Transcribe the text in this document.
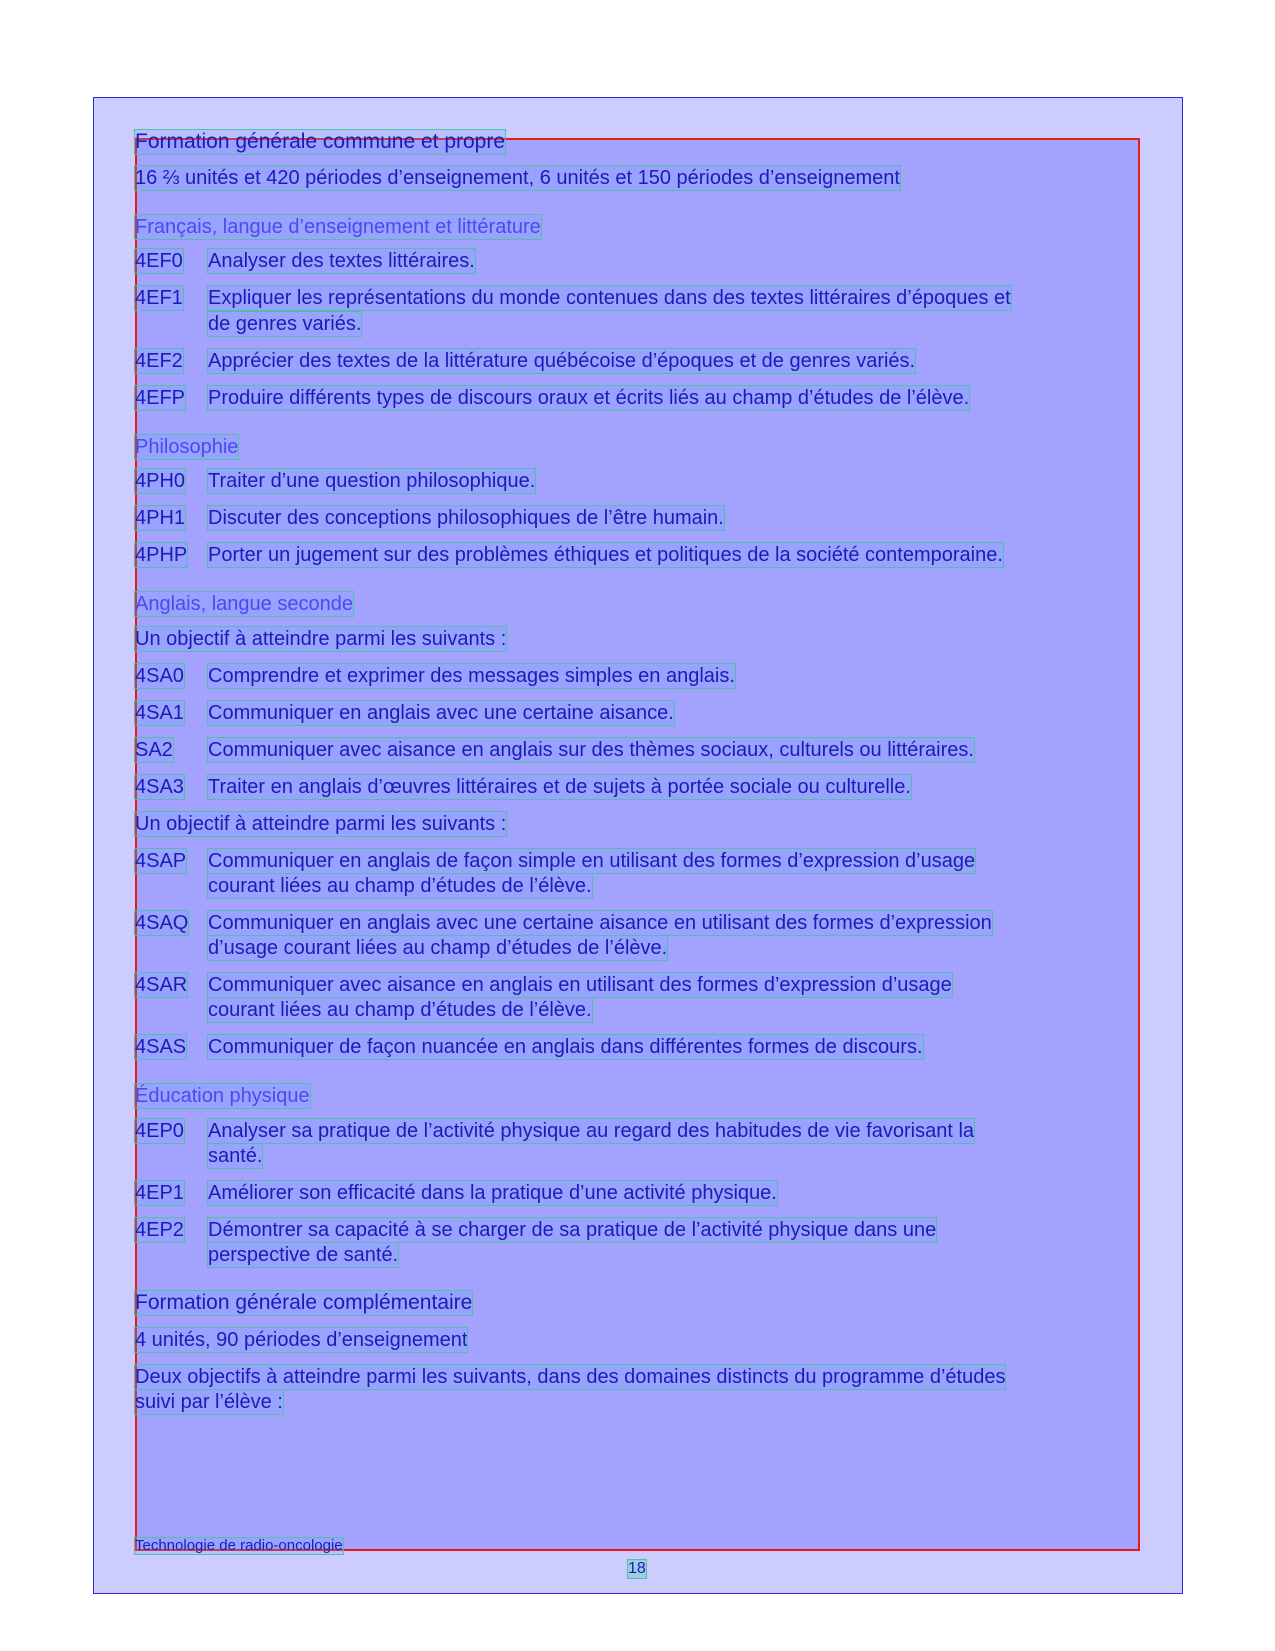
Formation générale commune et propre
16 ⅔ unités et 420 périodes d’enseignement, 6 unités et 150 périodes d’enseignement
Français, langue d’enseignement et littérature
4EF0 Analyser des textes littéraires.
4EF1 Expliquer les représentations du monde contenues dans des textes littéraires d’époques et
de genres variés.
4EF2 Apprécier des textes de la littérature québécoise d’époques et de genres variés.
4EFP Produire différents types de discours oraux et écrits liés au champ d’études de l’élève.
Philosophie
4PH0 Traiter d’une question philosophique.
4PH1 Discuter des conceptions philosophiques de l’être humain.
4PHP Porter un jugement sur des problèmes éthiques et politiques de la société contemporaine.
Anglais, langue seconde
Un objectif à atteindre parmi les suivants :
4SA0 Comprendre et exprimer des messages simples en anglais.
4SA1 Communiquer en anglais avec une certaine aisance.
SA2 Communiquer avec aisance en anglais sur des thèmes sociaux, culturels ou littéraires.
4SA3 Traiter en anglais d’œuvres littéraires et de sujets à portée sociale ou culturelle.
Un objectif à atteindre parmi les suivants :
4SAP Communiquer en anglais de façon simple en utilisant des formes d’expression d’usage
courant liées au champ d’études de l’élève.
4SAQ Communiquer en anglais avec une certaine aisance en utilisant des formes d’expression
d’usage courant liées au champ d’études de l’élève.
4SAR Communiquer avec aisance en anglais en utilisant des formes d’expression d’usage
courant liées au champ d’études de l’élève.
4SAS Communiquer de façon nuancée en anglais dans différentes formes de discours.
Éducation physique
4EP0 Analyser sa pratique de l’activité physique au regard des habitudes de vie favorisant la
santé.
4EP1 Améliorer son efficacité dans la pratique d’une activité physique.
4EP2 Démontrer sa capacité à se charger de sa pratique de l’activité physique dans une
perspective de santé.
Formation générale complémentaire
4 unités, 90 périodes d’enseignement
Deux objectifs à atteindre parmi les suivants, dans des domaines distincts du programme d’études
suivi par l’élève :
Technologie de radio-oncologie
18
